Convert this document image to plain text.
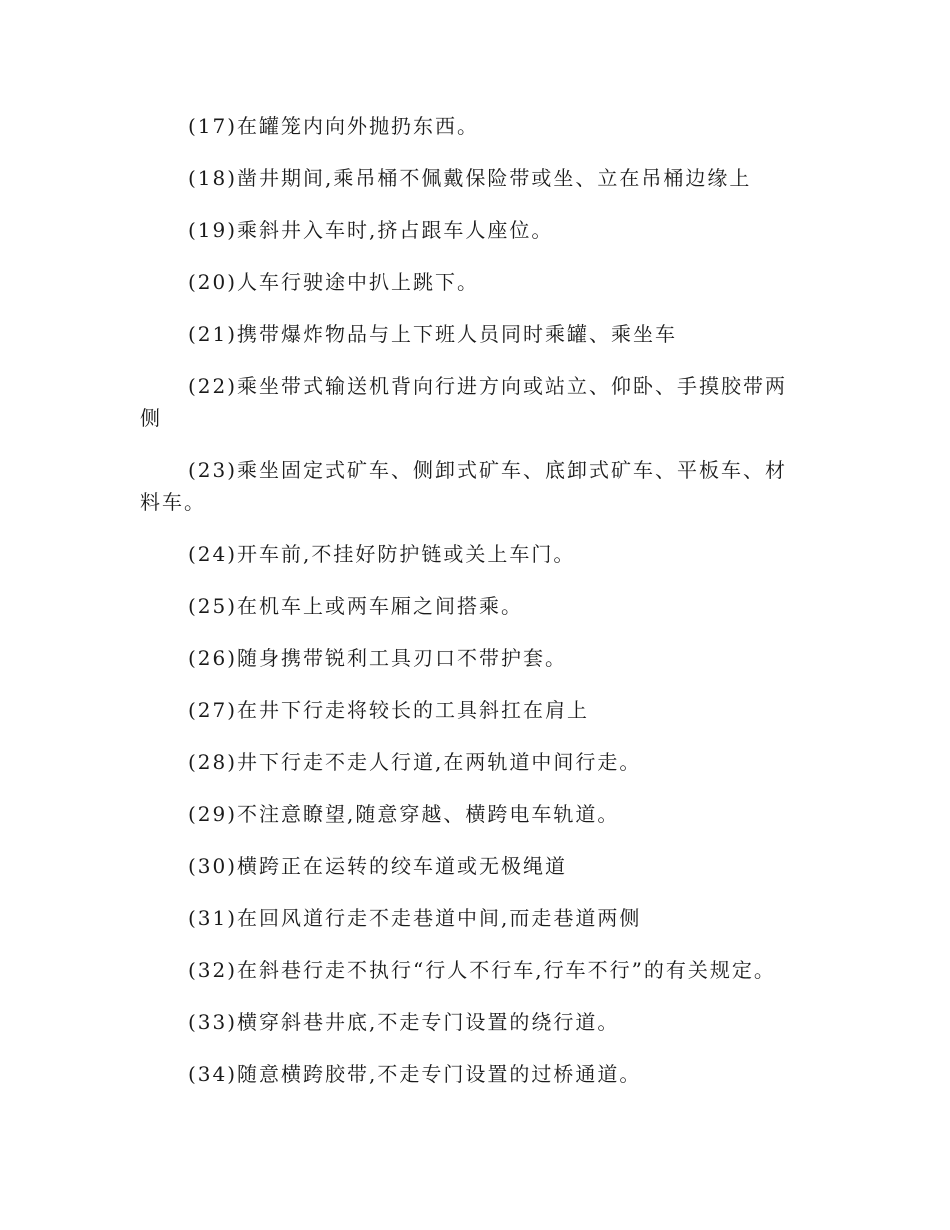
(17)在罐笼内向外抛扔东西。

(18)凿井期间,乘吊桶不佩戴保险带或坐、立在吊桶边缘上

(19)乘斜井入车时,挤占跟车人座位。

(20)人车行驶途中扒上跳下。

(21)携带爆炸物品与上下班人员同时乘罐、乘坐车

(22)乘坐带式输送机背向行进方向或站立、仰卧、手摸胶带两侧

(23)乘坐固定式矿车、侧卸式矿车、底卸式矿车、平板车、材料车。

(24)开车前,不挂好防护链或关上车门。

(25)在机车上或两车厢之间搭乘。

(26)随身携带锐利工具刃口不带护套。

(27)在井下行走将较长的工具斜扛在肩上

(28)井下行走不走人行道,在两轨道中间行走。

(29)不注意瞭望,随意穿越、横跨电车轨道。

(30)横跨正在运转的绞车道或无极绳道

(31)在回风道行走不走巷道中间,而走巷道两侧

(32)在斜巷行走不执行“行人不行车,行车不行”的有关规定。

(33)横穿斜巷井底,不走专门设置的绕行道。

(34)随意横跨胶带,不走专门设置的过桥通道。
